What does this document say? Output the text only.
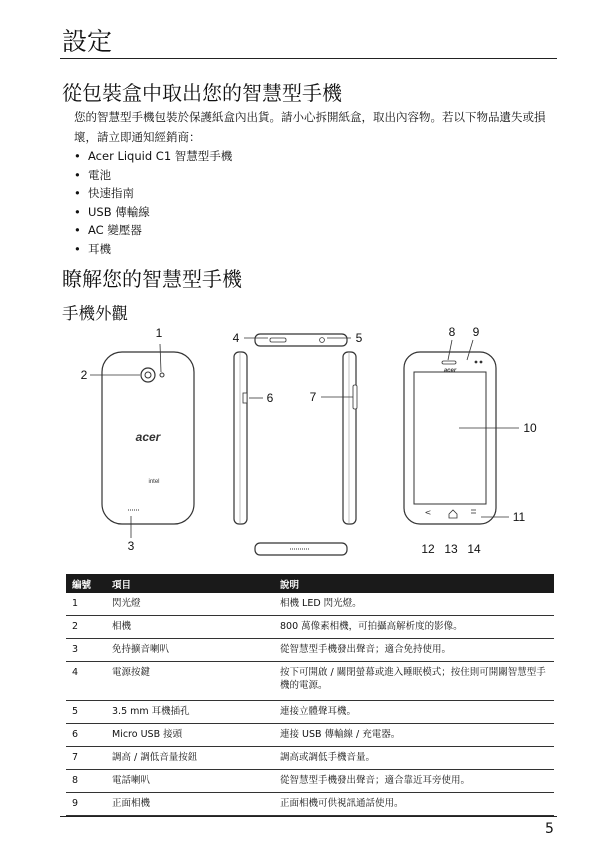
設定
從包裝盒中取出您的智慧型手機
您的智慧型手機包裝於保護紙盒內出貨。請小心拆開紙盒，取出內容物。若以下物品遺失或損壞，請立即通知經銷商：
• Acer Liquid C1 智慧型手機
• 電池
• 快速指南
• USB 傳輸線
• AC 變壓器
• 耳機
瞭解您的智慧型手機
手機外觀
acer
intel
acer
<
1
2
3
4	5
6	7
8 9
10
11
12 13 14
編號	項目	說明
1	閃光燈	相機 LED 閃光燈。
2	相機	800 萬像素相機，可拍攝高解析度的影像。
3	免持擴音喇叭	從智慧型手機發出聲音；適合免持使用。
4	電源按鍵	按下可開啟 / 關閉螢幕或進入睡眠模式；按住則可開關智慧型手機的電源。
5	3.5 mm 耳機插孔	連接立體聲耳機。
6	Micro USB 接頭	連接 USB 傳輸線 / 充電器。
7	調高 / 調低音量按鈕	調高或調低手機音量。
8	電話喇叭	從智慧型手機發出聲音；適合靠近耳旁使用。
9	正面相機	正面相機可供視訊通話使用。
5
